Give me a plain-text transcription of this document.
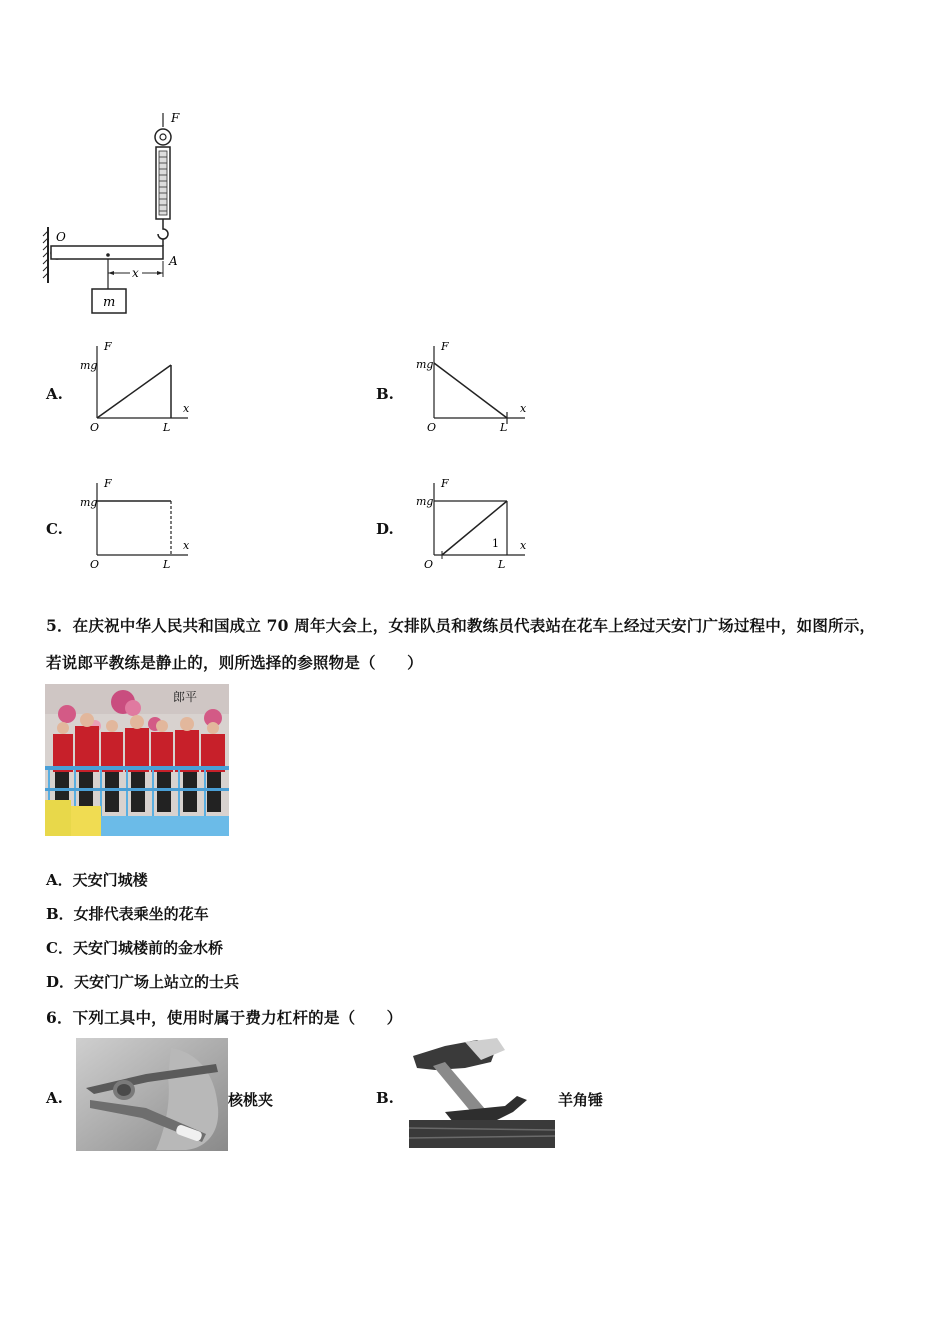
F
O
A
x
m
A.
F
mg
x
O	L
B.
F
mg
x
O	L
C.
F
mg
x
O	L
D.
F
mg
x
O	L
1
5．在庆祝中华人民共和国成立 70 周年大会上，女排队员和教练员代表站在花车上经过天安门广场过程中，如图所示，
若说郎平教练是静止的，则所选择的参照物是（　　）
郎平
A．天安门城楼
B．女排代表乘坐的花车
C．天安门城楼前的金水桥
D．天安门广场上站立的士兵
6．下列工具中，使用时属于费力杠杆的是（　　）
A.	核桃夹	B.	羊角锤
